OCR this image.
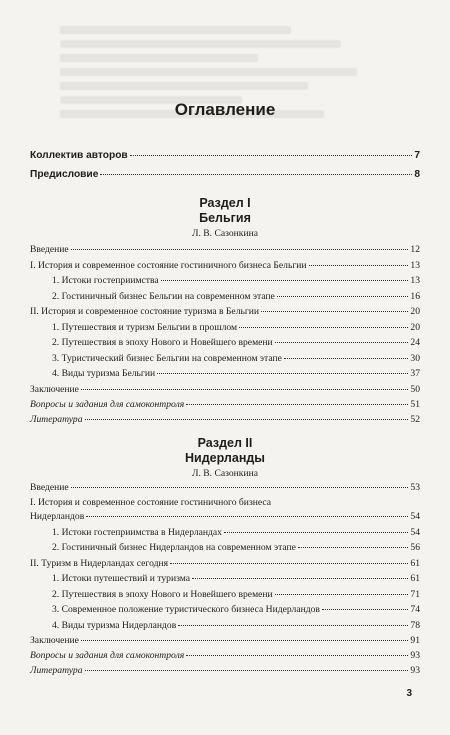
Оглавление
Коллектив авторов	7
Предисловие	8
Раздел I
Бельгия
Л. В. Сазонкина
Введение	12
I. История и современное состояние гостиничного бизнеса Бельгии	13
1. Истоки гостеприимства	13
2. Гостиничный бизнес Бельгии на современном этапе	16
II. История и современное состояние туризма в Бельгии	20
1. Путешествия и туризм Бельгии в прошлом	20
2. Путешествия в эпоху Нового и Новейшего времени	24
3. Туристический бизнес Бельгии на современном этапе	30
4. Виды туризма Бельгии	37
Заключение	50
Вопросы и задания для самоконтроля	51
Литература	52
Раздел II
Нидерланды
Л. В. Сазонкина
Введение	53
I. История и современное состояние гостиничного бизнеса
Нидерландов	54
1. Истоки гостеприимства в Нидерландах	54
2. Гостиничный бизнес Нидерландов на современном этапе	56
II. Туризм в Нидерландах сегодня	61
1. Истоки путешествий и туризма	61
2. Путешествия в эпоху Нового и Новейшего времени	71
3. Современное положение туристического бизнеса Нидерландов	74
4. Виды туризма Нидерландов	78
Заключение	91
Вопросы и задания для самоконтроля	93
Литература	93
3
